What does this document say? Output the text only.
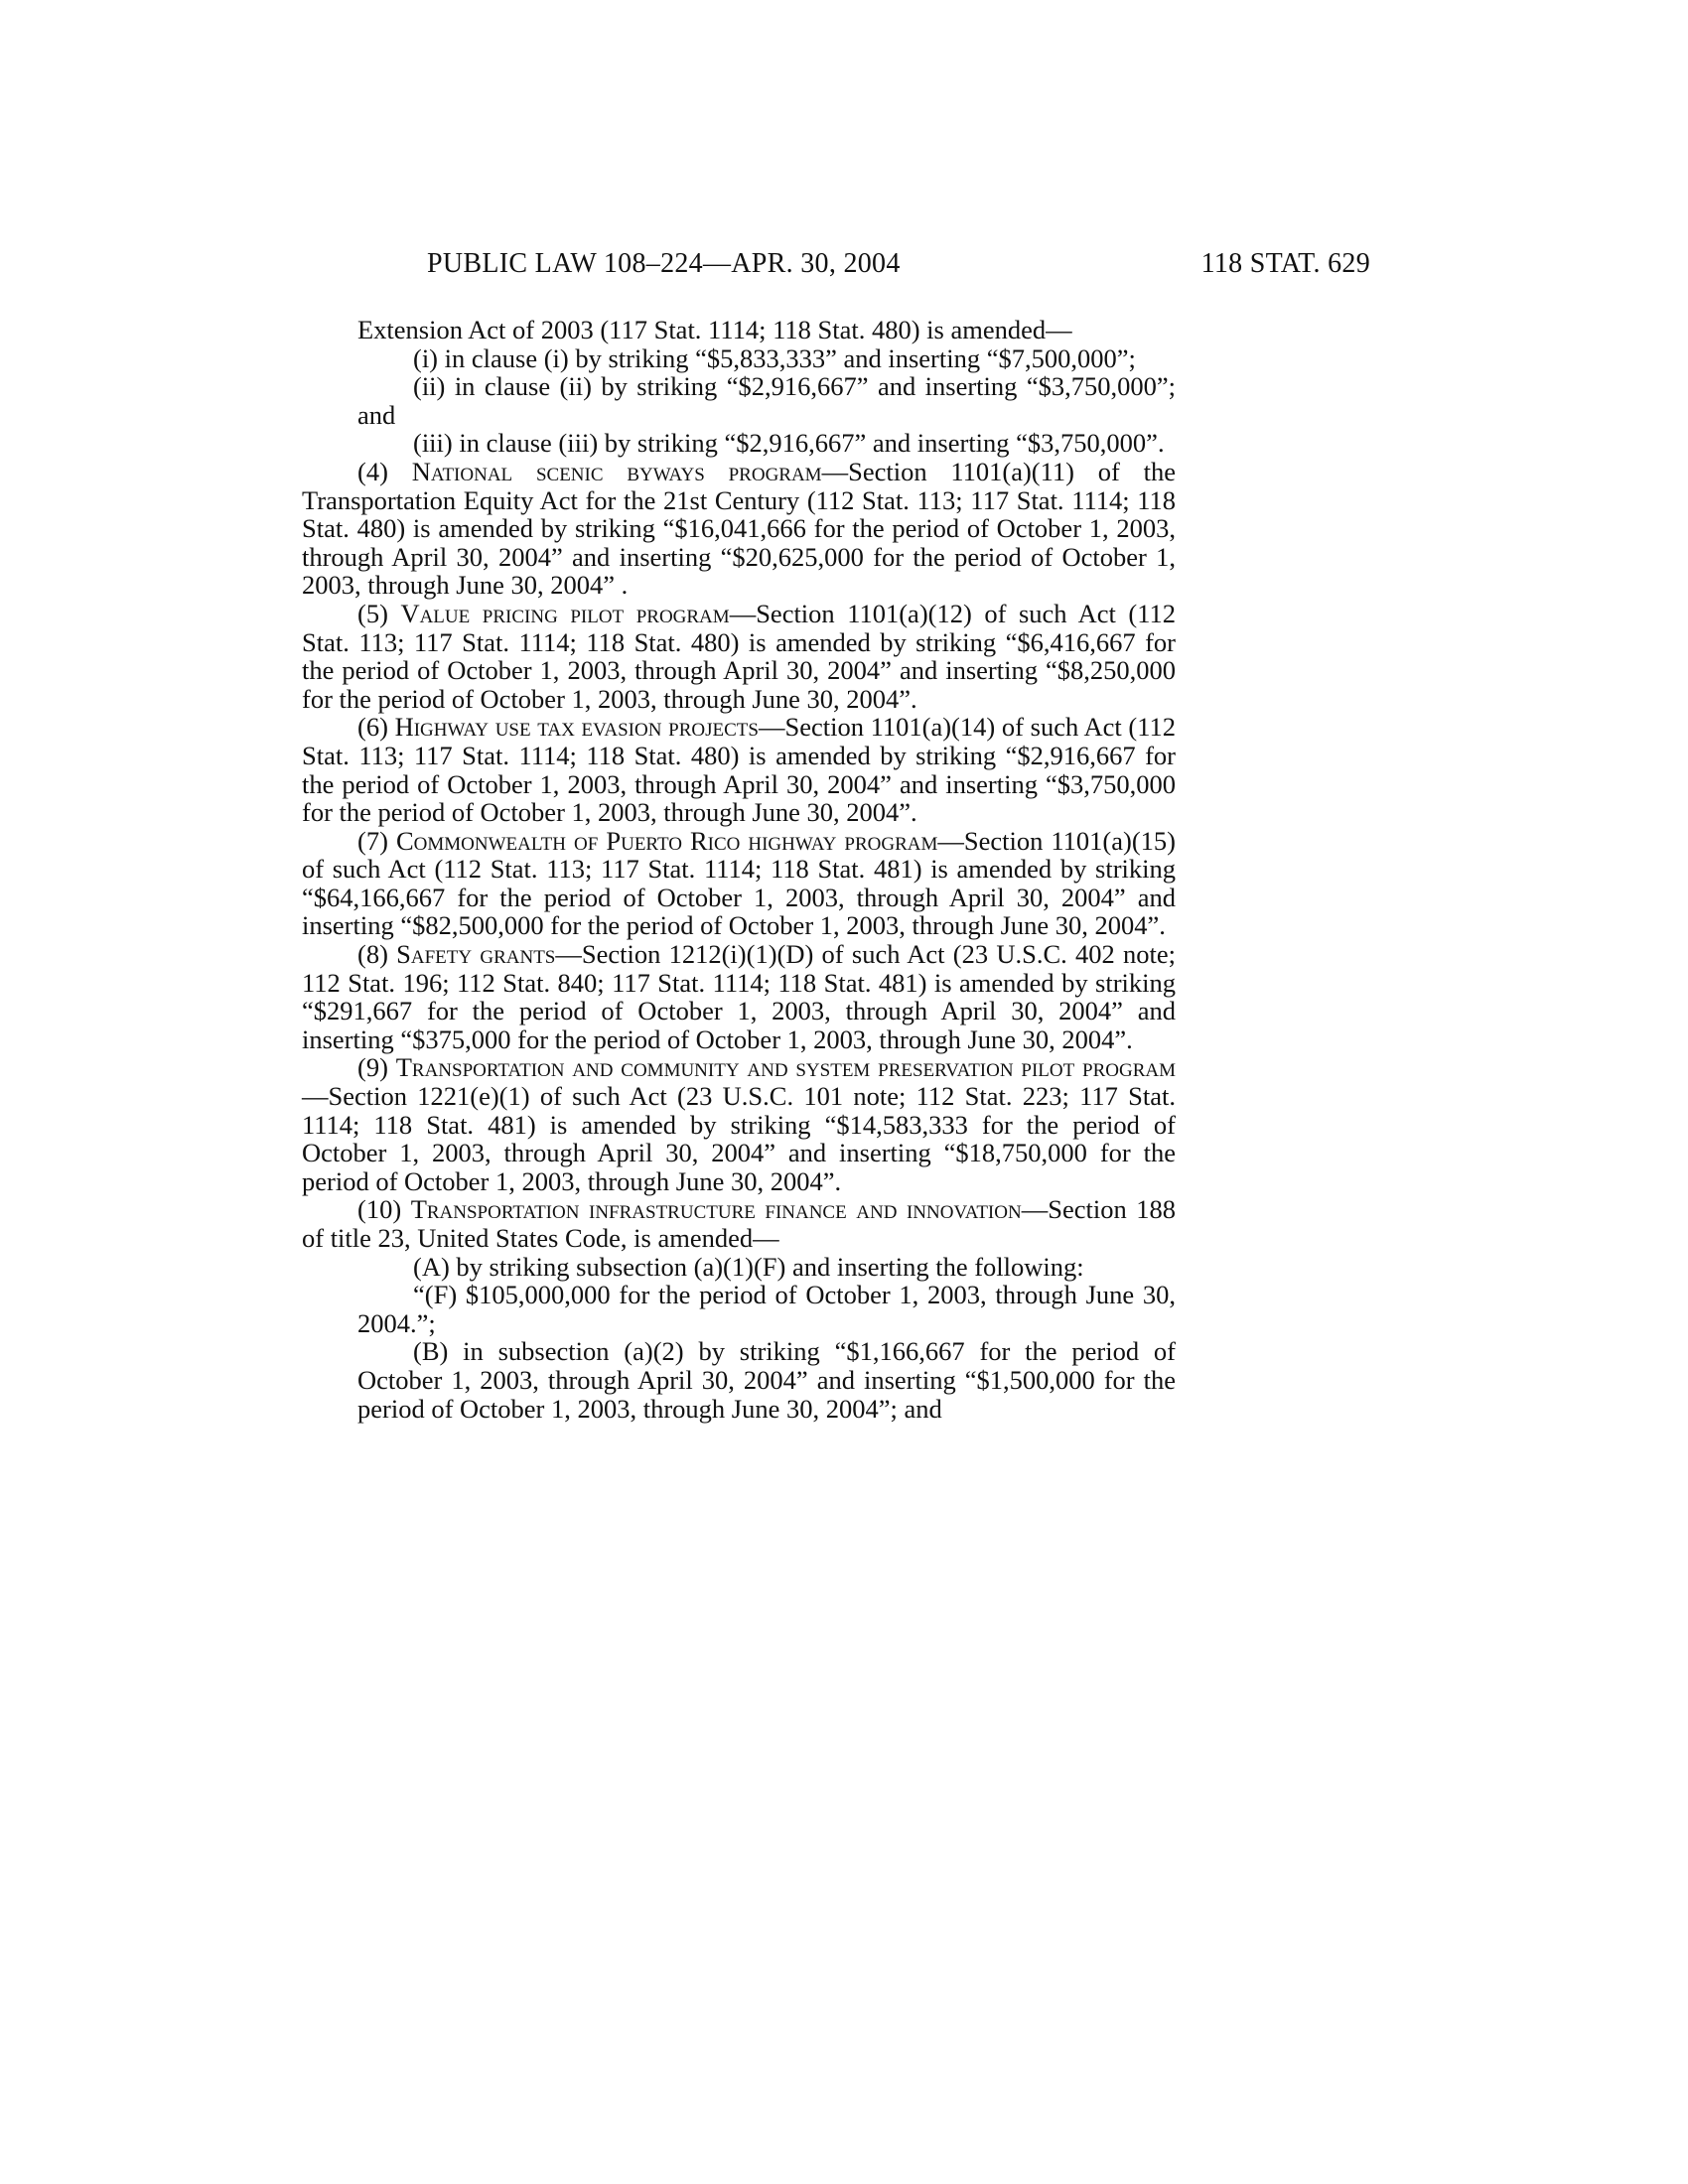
PUBLIC LAW 108–224—APR. 30, 2004	118 STAT. 629

Extension Act of 2003 (117 Stat. 1114; 118 Stat. 480) is amended—

(i) in clause (i) by striking “$5,833,333” and inserting “$7,500,000”;

(ii) in clause (ii) by striking “$2,916,667” and inserting “$3,750,000”; and

(iii) in clause (iii) by striking “$2,916,667” and inserting “$3,750,000”.

(4) National scenic byways program—Section 1101(a)(11) of the Transportation Equity Act for the 21st Century (112 Stat. 113; 117 Stat. 1114; 118 Stat. 480) is amended by striking “$16,041,666 for the period of October 1, 2003, through April 30, 2004” and inserting “$20,625,000 for the period of October 1, 2003, through June 30, 2004” .

(5) Value pricing pilot program—Section 1101(a)(12) of such Act (112 Stat. 113; 117 Stat. 1114; 118 Stat. 480) is amended by striking “$6,416,667 for the period of October 1, 2003, through April 30, 2004” and inserting “$8,250,000 for the period of October 1, 2003, through June 30, 2004”.

(6) Highway use tax evasion projects—Section 1101(a)(14) of such Act (112 Stat. 113; 117 Stat. 1114; 118 Stat. 480) is amended by striking “$2,916,667 for the period of October 1, 2003, through April 30, 2004” and inserting “$3,750,000 for the period of October 1, 2003, through June 30, 2004”.

(7) Commonwealth of Puerto Rico highway program—Section 1101(a)(15) of such Act (112 Stat. 113; 117 Stat. 1114; 118 Stat. 481) is amended by striking “$64,166,667 for the period of October 1, 2003, through April 30, 2004” and inserting “$82,500,000 for the period of October 1, 2003, through June 30, 2004”.

(8) Safety grants—Section 1212(i)(1)(D) of such Act (23 U.S.C. 402 note; 112 Stat. 196; 112 Stat. 840; 117 Stat. 1114; 118 Stat. 481) is amended by striking “$291,667 for the period of October 1, 2003, through April 30, 2004” and inserting “$375,000 for the period of October 1, 2003, through June 30, 2004”.

(9) Transportation and community and system preservation pilot program—Section 1221(e)(1) of such Act (23 U.S.C. 101 note; 112 Stat. 223; 117 Stat. 1114; 118 Stat. 481) is amended by striking “$14,583,333 for the period of October 1, 2003, through April 30, 2004” and inserting “$18,750,000 for the period of October 1, 2003, through June 30, 2004”.

(10) Transportation infrastructure finance and innovation—Section 188 of title 23, United States Code, is amended—

(A) by striking subsection (a)(1)(F) and inserting the following:

“(F) $105,000,000 for the period of October 1, 2003, through June 30, 2004.”;

(B) in subsection (a)(2) by striking “$1,166,667 for the period of October 1, 2003, through April 30, 2004” and inserting “$1,500,000 for the period of October 1, 2003, through June 30, 2004”; and
